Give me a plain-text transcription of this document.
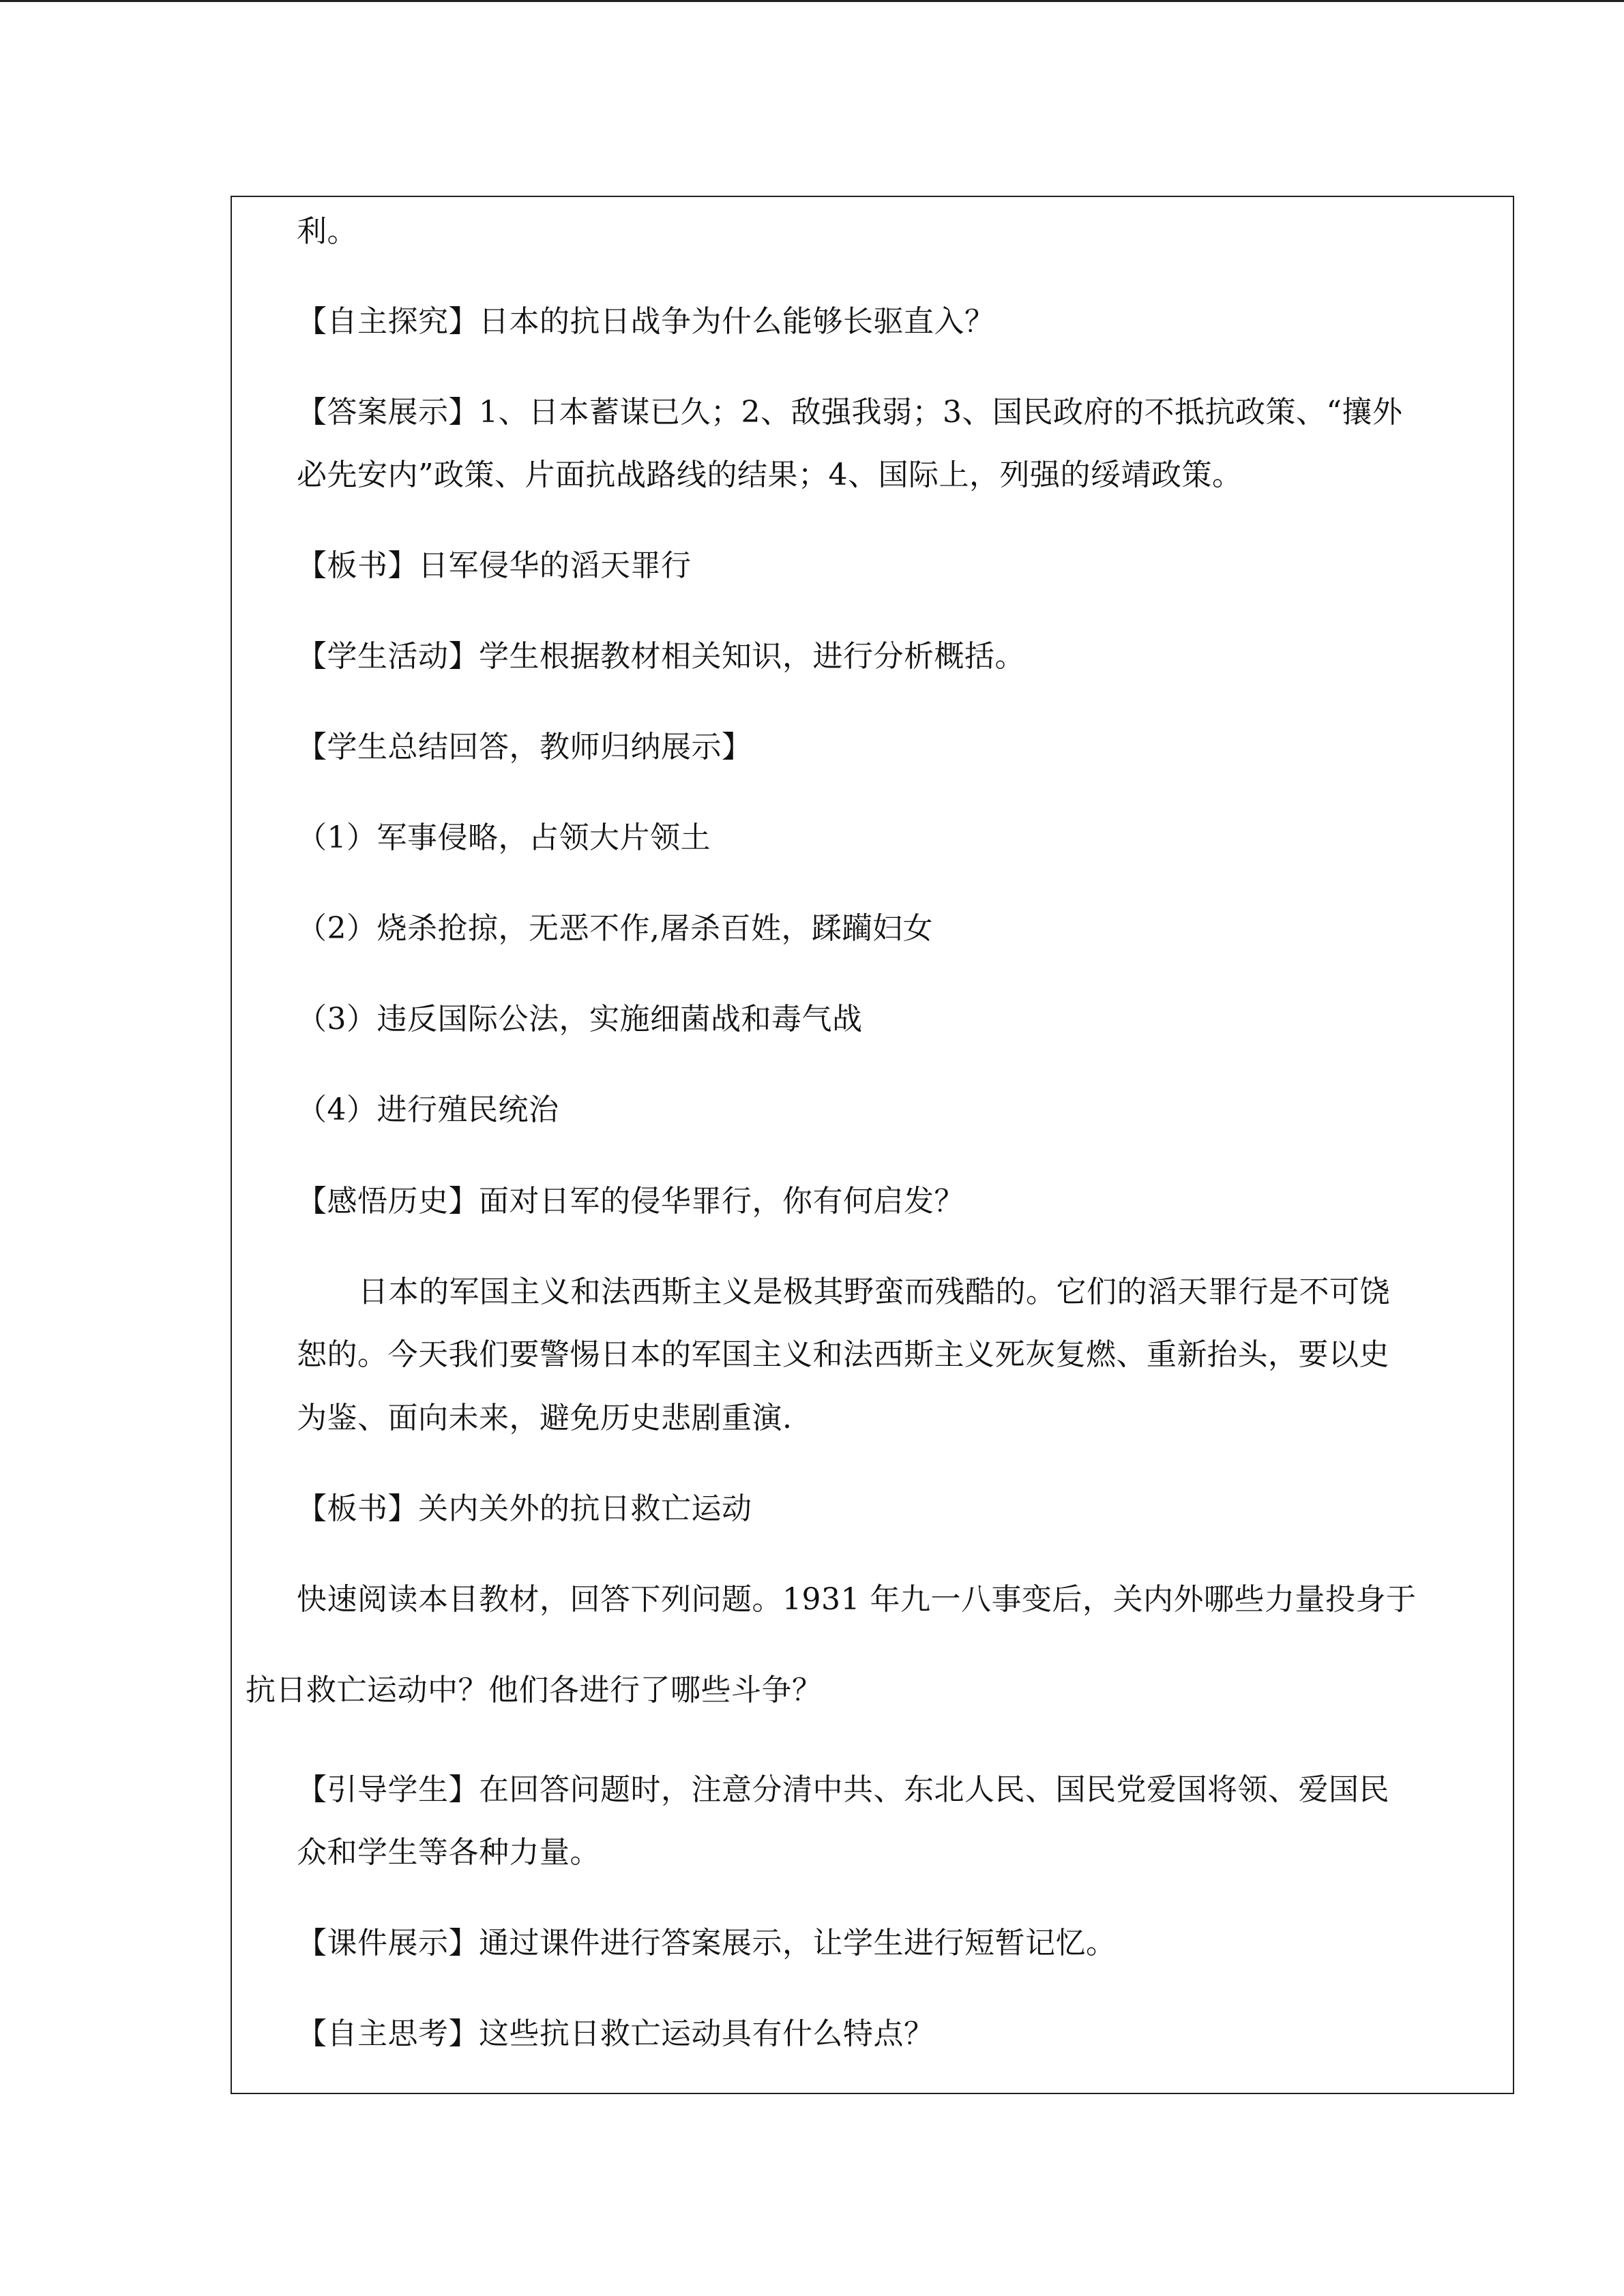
利。
【自主探究】日本的抗日战争为什么能够长驱直入？
【答案展示】1、日本蓄谋已久；2、敌强我弱；3、国民政府的不抵抗政策、“攘外
必先安内”政策、片面抗战路线的结果；4、国际上，列强的绥靖政策。
【板书】日军侵华的滔天罪行
【学生活动】学生根据教材相关知识，进行分析概括。
【学生总结回答，教师归纳展示】
（1）军事侵略，占领大片领土
（2）烧杀抢掠，无恶不作,屠杀百姓，蹂躏妇女
（3）违反国际公法，实施细菌战和毒气战
（4）进行殖民统治
【感悟历史】面对日军的侵华罪行，你有何启发？
日本的军国主义和法西斯主义是极其野蛮而残酷的。它们的滔天罪行是不可饶
恕的。今天我们要警惕日本的军国主义和法西斯主义死灰复燃、重新抬头，要以史
为鉴、面向未来，避免历史悲剧重演.
【板书】关内关外的抗日救亡运动
快速阅读本目教材，回答下列问题。1931 年九一八事变后，关内外哪些力量投身于
抗日救亡运动中？他们各进行了哪些斗争？
【引导学生】在回答问题时，注意分清中共、东北人民、国民党爱国将领、爱国民
众和学生等各种力量。
【课件展示】通过课件进行答案展示，让学生进行短暂记忆。
【自主思考】这些抗日救亡运动具有什么特点？
